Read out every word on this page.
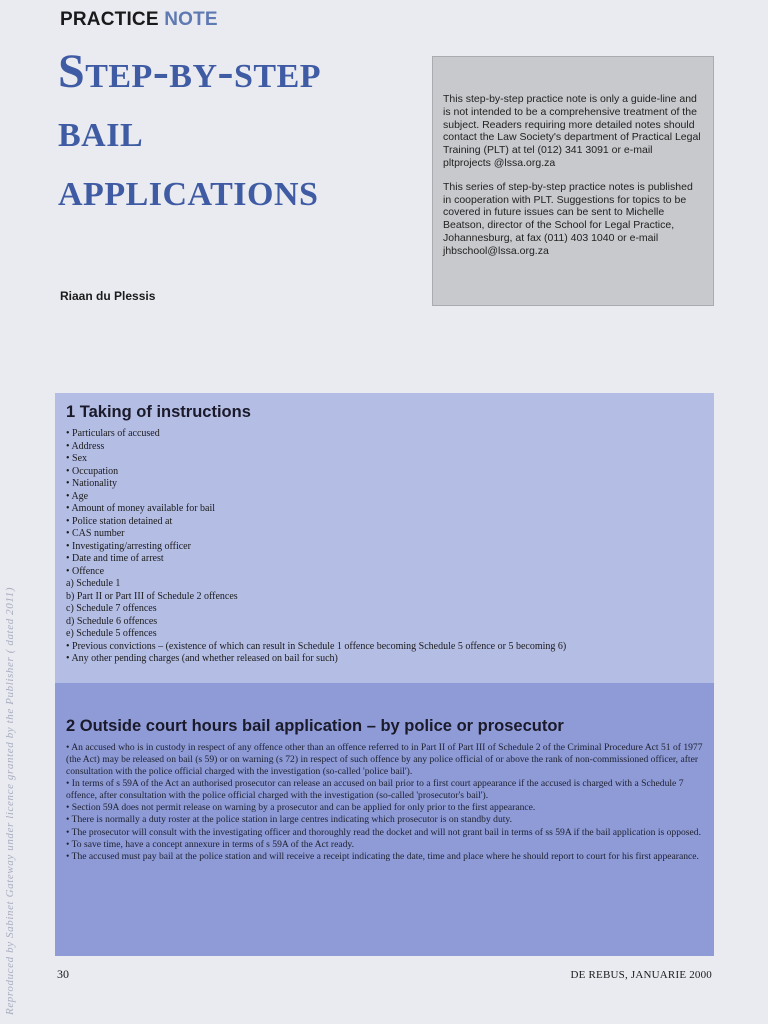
PRACTICE NOTE
Step-by-step
bail
applications
Riaan du Plessis

This step-by-step practice note is only a guide-line and is not intended to be a comprehensive treatment of the subject. Readers requiring more detailed notes should contact the Law Society's department of Practical Legal Training (PLT) at tel (012) 341 3091 or e-mail pltprojects @lssa.org.za

This series of step-by-step practice notes is published in cooperation with PLT. Suggestions for topics to be covered in future issues can be sent to Michelle Beatson, director of the School for Legal Practice, Johannesburg, at fax (011) 403 1040 or e-mail jhbschool@lssa.org.za

1 Taking of instructions
• Particulars of accused
• Address
• Sex
• Occupation
• Nationality
• Age
• Amount of money available for bail
• Police station detained at
• CAS number
• Investigating/arresting officer
• Date and time of arrest
• Offence
a) Schedule 1
b) Part II or Part III of Schedule 2 offences
c) Schedule 7 offences
d) Schedule 6 offences
e) Schedule 5 offences
• Previous convictions – (existence of which can result in Schedule 1 offence becoming Schedule 5 offence or 5 becoming 6)
• Any other pending charges (and whether released on bail for such)
2 Outside court hours bail application – by police or prosecutor
• An accused who is in custody in respect of any offence other than an offence referred to in Part II of Part III of Schedule 2 of the Criminal Procedure Act 51 of 1977 (the Act) may be released on bail (s 59) or on warning (s 72) in respect of such offence by any police official of or above the rank of non-commissioned officer, after consultation with the police official charged with the investigation (so-called 'police bail').
• In terms of s 59A of the Act an authorised prosecutor can release an accused on bail prior to a first court appearance if the accused is charged with a Schedule 7 offence, after consultation with the police official charged with the investigation (so-called 'prosecutor's bail').
• Section 59A does not permit release on warning by a prosecutor and can be applied for only prior to the first appearance.
• There is normally a duty roster at the police station in large centres indicating which prosecutor is on standby duty.
• The prosecutor will consult with the investigating officer and thoroughly read the docket and will not grant bail in terms of ss 59A if the bail application is opposed.
• To save time, have a concept annexure in terms of s 59A of the Act ready.
• The accused must pay bail at the police station and will receive a receipt indicating the date, time and place where he should report to court for his first appearance.
Reproduced by Sabinet Gateway under licence granted by the Publisher ( dated 2011)	30	DE REBUS, JANUARIE 2000
